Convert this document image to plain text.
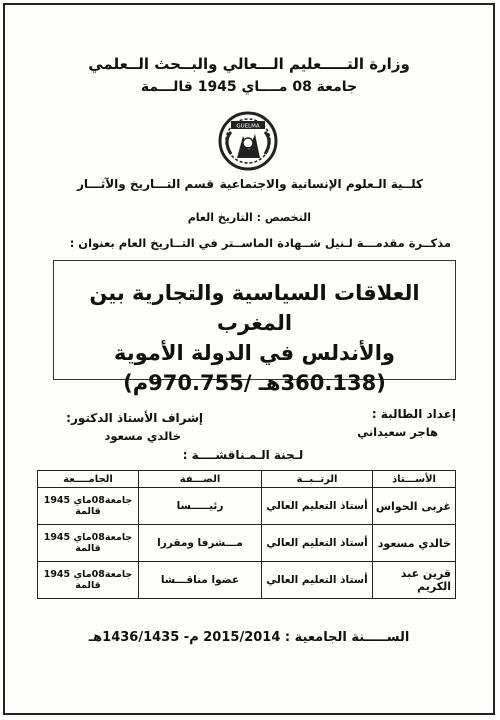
وزارة التـــــعليم الـــعالي والبــحث الــعلمي
جامعة 08 مــــاي 1945 قالـــمة
GUELMA
كلــية الـعلوم الإنسانية والاجتماعية
قسم التـــاريخ والآثـــار
التخصص : التاريخ العام
مذكــرة مقدمـــة لـنيل شــهادة الماســتر في التــاريخ العام بعنوان :
العلاقات السياسية والتجارية بين المغرب
والأندلس في الدولة الأموية
(360.138هـ /970.755م)
إعداد الطالبة :
هاجر سعيداني
إشراف الأستاذ الدكتور:
خالدي مسعود
لـجنة الـمـناقشــــة :
الأســـتاذ	الرتــبــة	الصـــفة	الجامــــعة
غربى الحواس	أستاذ التعليم العالي	رئيـــــسا	جامعة08ماي 1945 قالمة
خالدي مسعود	أستاذ التعليم العالي	مـــشرفا ومقررا	جامعة08ماي 1945 قالمة
قرين عبد الكريم	أستاذ التعليم العالي	عضوا مناقـــشا	جامعة08ماي 1945 قالمة
الســـــنة الجامعية : 2015/2014 م- 1436/1435هـ
